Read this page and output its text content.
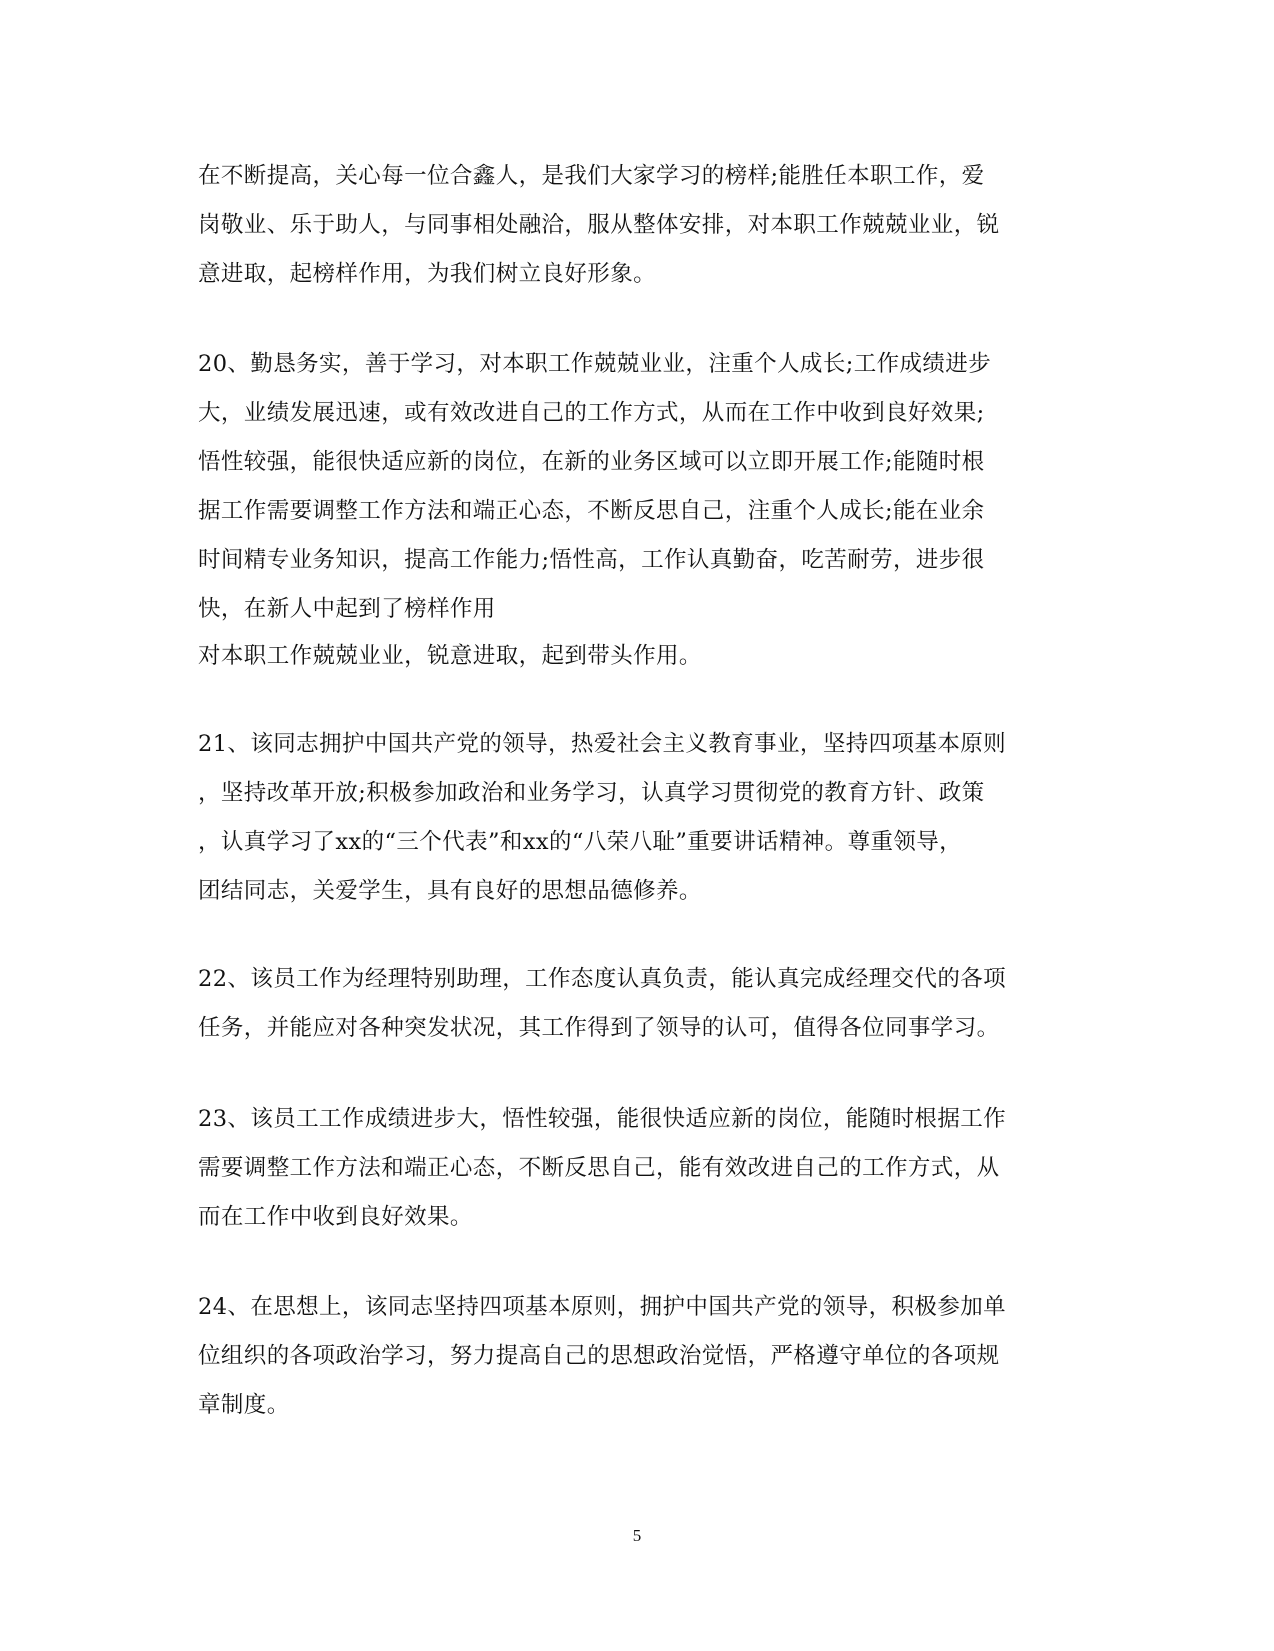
在不断提高，关心每一位合鑫人，是我们大家学习的榜样;能胜任本职工作，爱
岗敬业、乐于助人，与同事相处融洽，服从整体安排，对本职工作兢兢业业，锐
意进取，起榜样作用，为我们树立良好形象。
20、勤恳务实，善于学习，对本职工作兢兢业业，注重个人成长;工作成绩进步
大，业绩发展迅速，或有效改进自己的工作方式，从而在工作中收到良好效果;
悟性较强，能很快适应新的岗位，在新的业务区域可以立即开展工作;能随时根
据工作需要调整工作方法和端正心态，不断反思自己，注重个人成长;能在业余
时间精专业务知识，提高工作能力;悟性高，工作认真勤奋，吃苦耐劳，进步很
快，在新人中起到了榜样作用
对本职工作兢兢业业，锐意进取，起到带头作用。
21、该同志拥护中国共产党的领导，热爱社会主义教育事业，坚持四项基本原则
，坚持改革开放;积极参加政治和业务学习，认真学习贯彻党的教育方针、政策
，认真学习了xx的“三个代表”和xx的“八荣八耻”重要讲话精神。尊重领导，
团结同志，关爱学生，具有良好的思想品德修养。
22、该员工作为经理特别助理，工作态度认真负责，能认真完成经理交代的各项
任务，并能应对各种突发状况，其工作得到了领导的认可，值得各位同事学习。
23、该员工工作成绩进步大，悟性较强，能很快适应新的岗位，能随时根据工作
需要调整工作方法和端正心态，不断反思自己，能有效改进自己的工作方式，从
而在工作中收到良好效果。
24、在思想上，该同志坚持四项基本原则，拥护中国共产党的领导，积极参加单
位组织的各项政治学习，努力提高自己的思想政治觉悟，严格遵守单位的各项规
章制度。
5
